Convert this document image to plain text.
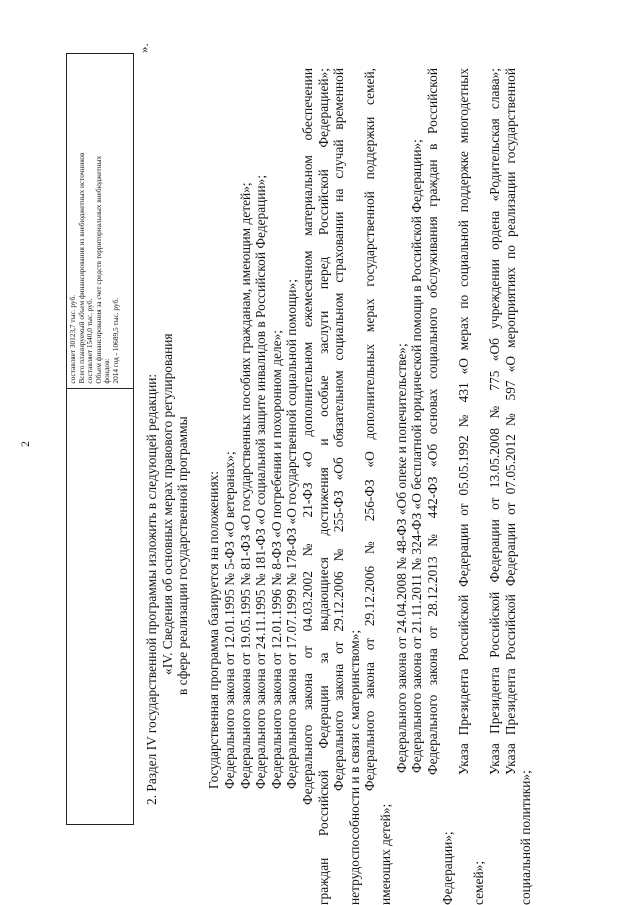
2
составляет 30123,7 тыс. руб. Всего планируемый объем финансирования из внебюджетных источников составляет 1540,0 тыс. руб. Объем финансирования за счет средств территориальных внебюджетных фондов: 2014 год - 10689,5 тыс. руб.
».
2. Раздел IV государственной программы изложить в следующей редакции: «IV. Сведения об основных мерах правового регулирования в сфере реализации государственной программы Государственная программа базируется на положениях: Федерального закона от 12.01.1995 № 5-ФЗ «О ветеранах»; Федерального закона от 19.05.1995 № 81-ФЗ «О государственных пособиях гражданам, имеющим детей»; Федерального закона от 24.11.1995 № 181-ФЗ «О социальной защите инвалидов в Российской Федерации»; Федерального закона от 12.01.1996 № 8-ФЗ «О погребении и похоронном деле»; Федерального закона от 17.07.1999 № 178-ФЗ «О государственной социальной помощи»; Федерального закона от 04.03.2002 № 21-ФЗ «О дополнительном ежемесячном материальном обеспечении граждан Российской Федерации за выдающиеся достижения и особые заслуги перед Российской Федерацией»; Федерального закона от 29.12.2006 № 255-ФЗ «Об обязательном социальном страховании на случай временной нетрудоспособности и в связи с материнством»; Федерального закона от 29.12.2006 № 256-ФЗ «О дополнительных мерах государственной поддержки семей,
имеющих детей»;
Федерального закона от 24.04.2008 № 48-ФЗ «Об опеке и попечительстве»; Федерального закона от 21.11.2011 № 324-ФЗ «О бесплатной юридической помощи в Российской Федерации»; Федерального закона от 28.12.2013 № 442-ФЗ «Об основах социального обслуживания граждан в Российской
Федерации»;
Указа Президента Российской Федерации от 05.05.1992 № 431 «О мерах по социальной поддержке многодетных
семей»;
Указа Президента Российской Федерации от 13.05.2008 № 775 «Об учреждении ордена «Родительская слава»; Указа Президента Российской Федерации от 07.05.2012 № 597 «О мероприятиях по реализации государственной
социальной политики»;
